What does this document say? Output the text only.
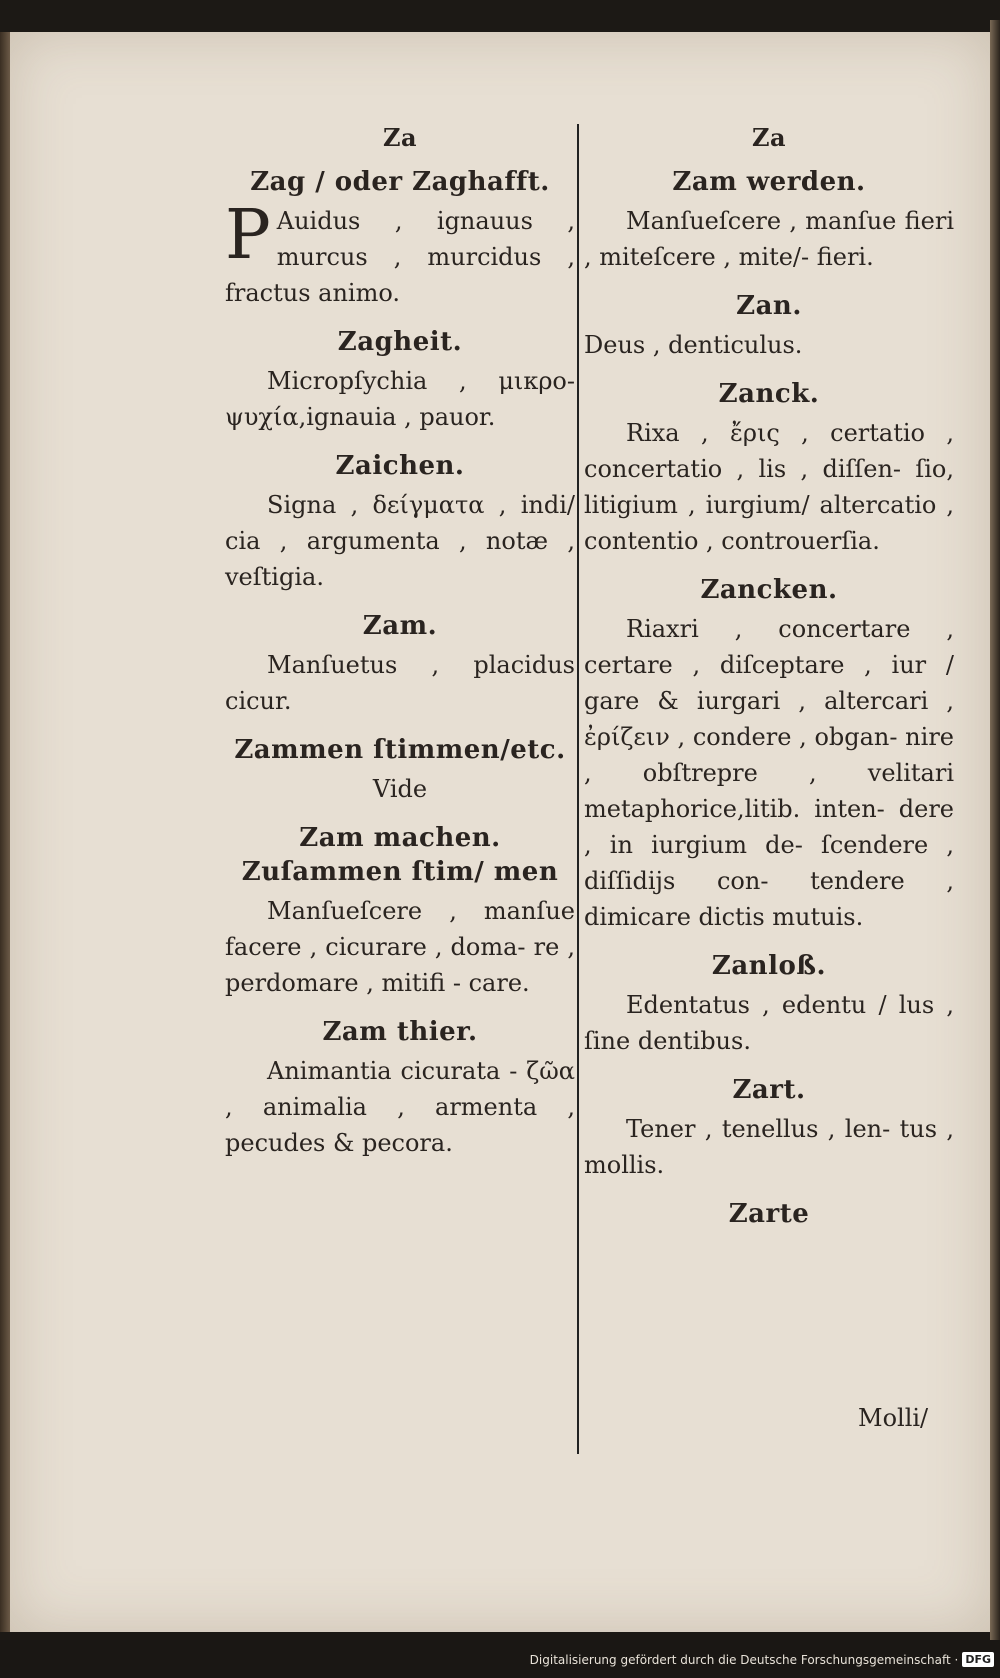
Za
Zag / oder Zaghafft.
P Auidus , ignauus , murcus , murcidus , fractus animo.
Zagheit.
Micropſychia , μικρο-ψυχία,ignauia , pauor.
Zaichen.
Signa , δείγματα , indi/ cia , argumenta , notæ , veſtigia.
Zam.
Manſuetus , placidus cicur.
Zammen ſtimmen/etc.
Vide
Zam machen. Zuſammen ſtim/ men
Manſueſcere , manſue facere , cicurare , doma- re , perdomare , mitifi - care.
Zam thier.
Animantia cicurata - ζῶα , animalia , armenta , pecudes & pecora.
Za
Zam werden.
Manſueſcere , manſue fieri , miteſcere , mite/- fieri.
Zan.
Deus , denticulus.
Zanck.
Rixa , ἔρις , certatio , concertatio , lis , diſſen- ſio, litigium , iurgium/ altercatio , contentio , controuerſia.
Zancken.
Riaxri , concertare , certare , diſceptare , iur / gare & iurgari , altercari , ἐρίζειν , condere , obgan- nire , obſtrepre , velitari metaphorice,litib. inten- dere , in iurgium de- ſcendere , diſſidijs con- tendere , dimicare dictis mutuis.
Zanloß.
Edentatus , edentu / lus , ſine dentibus.
Zart.
Tener , tenellus , len- tus , mollis.
Zarte
Molli/
Digitalisierung gefördert durch die Deutsche Forschungsgemeinschaft · DFG
